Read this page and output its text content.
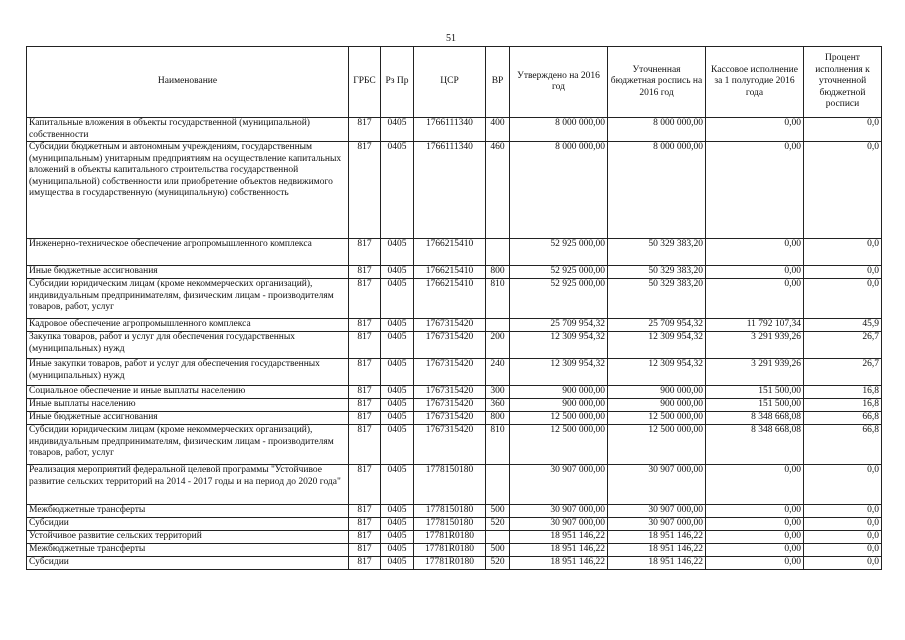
51
Наименование	ГРБС	Рз Пр	ЦСР	ВР	Утверждено на 2016 год	Уточненная бюджетная роспись на 2016 год	Кассовое исполнение за 1 полугодие 2016 года	Процент исполнения к уточненной бюджетной росписи
Капитальные вложения в объекты государственной (муниципальной) собственности	817	0405	1766111340	400	8 000 000,00	8 000 000,00	0,00	0,0
Субсидии бюджетным и автономным учреждениям, государственным (муниципальным) унитарным предприятиям на осуществление капитальных вложений в объекты капитального строительства государственной (муниципальной) собственности или приобретение объектов недвижимого имущества в государственную (муниципальную) собственность	817	0405	1766111340	460	8 000 000,00	8 000 000,00	0,00	0,0
Инженерно-техническое обеспечение агропромышленного комплекса	817	0405	1766215410		52 925 000,00	50 329 383,20	0,00	0,0
Иные бюджетные ассигнования	817	0405	1766215410	800	52 925 000,00	50 329 383,20	0,00	0,0
Субсидии юридическим лицам (кроме некоммерческих организаций), индивидуальным предпринимателям, физическим лицам - производителям товаров, работ, услуг	817	0405	1766215410	810	52 925 000,00	50 329 383,20	0,00	0,0
Кадровое обеспечение агропромышленного комплекса	817	0405	1767315420		25 709 954,32	25 709 954,32	11 792 107,34	45,9
Закупка товаров, работ и услуг для обеспечения государственных (муниципальных) нужд	817	0405	1767315420	200	12 309 954,32	12 309 954,32	3 291 939,26	26,7
Иные закупки товаров, работ и услуг для обеспечения государственных (муниципальных) нужд	817	0405	1767315420	240	12 309 954,32	12 309 954,32	3 291 939,26	26,7
Социальное обеспечение и иные выплаты населению	817	0405	1767315420	300	900 000,00	900 000,00	151 500,00	16,8
Иные выплаты населению	817	0405	1767315420	360	900 000,00	900 000,00	151 500,00	16,8
Иные бюджетные ассигнования	817	0405	1767315420	800	12 500 000,00	12 500 000,00	8 348 668,08	66,8
Субсидии юридическим лицам (кроме некоммерческих организаций), индивидуальным предпринимателям, физическим лицам - производителям товаров, работ, услуг	817	0405	1767315420	810	12 500 000,00	12 500 000,00	8 348 668,08	66,8
Реализация мероприятий федеральной целевой программы "Устойчивое развитие сельских территорий на 2014 - 2017 годы и на период до 2020 года"	817	0405	1778150180		30 907 000,00	30 907 000,00	0,00	0,0
Межбюджетные трансферты	817	0405	1778150180	500	30 907 000,00	30 907 000,00	0,00	0,0
Субсидии	817	0405	1778150180	520	30 907 000,00	30 907 000,00	0,00	0,0
Устойчивое развитие сельских территорий	817	0405	17781R0180		18 951 146,22	18 951 146,22	0,00	0,0
Межбюджетные трансферты	817	0405	17781R0180	500	18 951 146,22	18 951 146,22	0,00	0,0
Субсидии	817	0405	17781R0180	520	18 951 146,22	18 951 146,22	0,00	0,0
